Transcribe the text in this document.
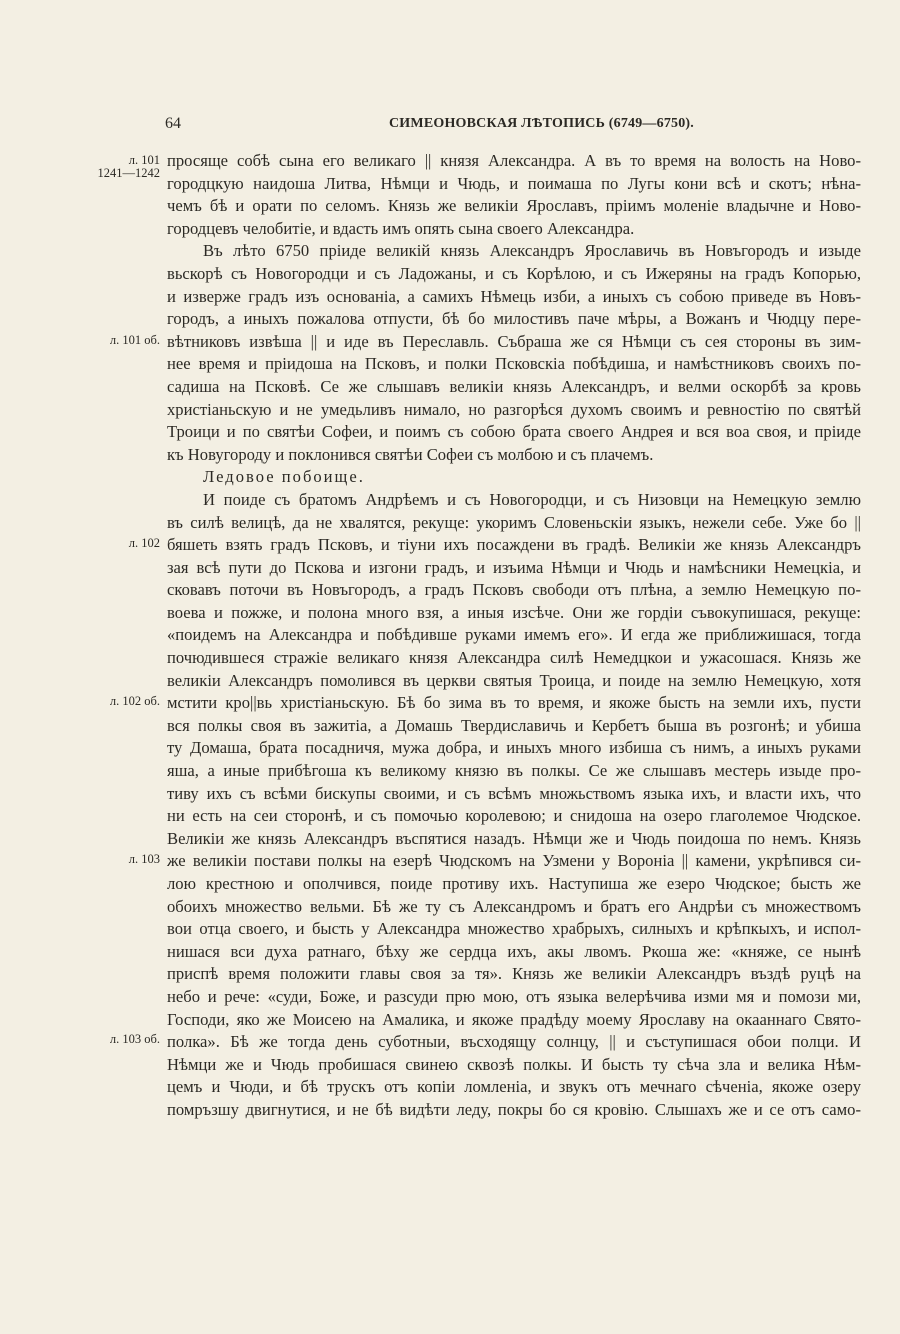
64	СИМЕОНОВСКАЯ ЛѢТОПИСЬ (6749—6750).
л. 101
1241—1242
л. 101 об.
л. 102
л. 102 об.
л. 103
л. 103 об.
просяще собѣ сына его великаго || князя Александра. А въ то время на волость на Ново-
городцкую наидоша Литва, Нѣмци и Чюдь, и поимаша по Лугы кони всѣ и скотъ; нѣна-
чемъ бѣ и орати по селомъ. Князь же великіи Ярославъ, пріимъ моленіе владычне и Ново-
городцевъ челобитіе, и вдасть имъ опять сына своего Александра.
Въ лѣто 6750 пріиде великій князь Александръ Ярославичь въ Новъгородъ и изыде
вьскорѣ съ Новогородци и съ Ладожаны, и съ Корѣлою, и съ Ижеряны на градъ Копорью,
и изверже градъ изъ основаніа, а самихъ Нѣмець изби, а иныхъ съ собою приведе въ Новъ-
городъ, а иныхъ пожалова отпусти, бѣ бо милостивъ паче мѣры, а Вожанъ и Чюдцу пере-
вѣтниковъ извѣша || и иде въ Переславль. Събраша же ся Нѣмци съ сея стороны въ зим-
нее время и пріидоша на Псковъ, и полки Псковскіа побѣдиша, и намѣстниковъ своихъ по-
садиша на Псковѣ. Се же слышавъ великіи князь Александръ, и велми оскорбѣ за кровь
христіаньскую и не умедьливъ нимало, но разгорѣся духомъ своимъ и ревностію по святѣй
Троици и по святѣи Софеи, и поимъ съ собою брата своего Андрея и вся воа своя, и пріиде
къ Новугороду и поклонився святѣи Софеи съ молбою и съ плачемъ.
Ледовое побоище.
И поиде съ братомъ Андрѣемъ и съ Новогородци, и съ Низовци на Немецкую землю
въ силѣ велицѣ, да не хвалятся, рекуще: укоримъ Словеньскіи языкъ, нежели себе. Уже бо ||
бяшеть взять градъ Псковъ, и тіуни ихъ посаждени въ градѣ. Великіи же князь Александръ
зая всѣ пути до Пскова и изгони градъ, и изъима Нѣмци и Чюдь и намѣсники Немецкіа, и
сковавъ поточи въ Новъгородъ, а градъ Псковъ свободи отъ плѣна, а землю Немецкую по-
воева и пожже, и полона много взя, а иныя изсѣче. Они же гордіи съвокупишася, рекуще:
«поидемъ на Александра и побѣдивше руками имемъ его». И егда же приближишася, тогда
почюдившеся стражіе великаго князя Александра силѣ Немедцкои и ужасошася. Князь же
великіи Александръ помолився въ церкви святыя Троица, и поиде на землю Немецкую, хотя
мстити кро||вь христіаньскую. Бѣ бо зима въ то время, и якоже бысть на земли ихъ, пусти
вся полкы своя въ зажитіа, а Домашь Твердиславичь и Кербетъ быша въ розгонѣ; и убиша
ту Домаша, брата посадничя, мужа добра, и иныхъ много избиша съ нимъ, а иныхъ руками
яша, а иные прибѣгоша къ великому князю въ полкы. Се же слышавъ местерь изыде про-
тиву ихъ съ всѣми бискупы своими, и съ всѣмъ множьствомъ языка ихъ, и власти ихъ, что
ни есть на сеи сторонѣ, и съ помочью королевою; и снидоша на озеро глаголемое Чюдское.
Великіи же князь Александръ въспятися назадъ. Нѣмци же и Чюдь поидоша по немъ. Князь
же великіи постави полкы на езерѣ Чюдскомъ на Узмени у Вороніа || камени, укрѣпився си-
лою крестною и ополчився, поиде противу ихъ. Наступиша же езеро Чюдское; бысть же
обоихъ множество вельми. Бѣ же ту съ Александромъ и братъ его Андрѣи съ множествомъ
вои отца своего, и бысть у Александра множество храбрыхъ, силныхъ и крѣпкыхъ, и испол-
нишася вси духа ратнаго, бѣху же сердца ихъ, акы лвомъ. Ркоша же: «княже, се нынѣ
приспѣ время положити главы своя за тя». Князь же великіи Александръ въздѣ руцѣ на
небо и рече: «суди, Боже, и разсуди прю мою, отъ языка велерѣчива изми мя и помози ми,
Господи, яко же Моисею на Амалика, и якоже прадѣду моему Ярославу на окааннаго Свято-
полка». Бѣ же тогда день суботныи, въсходящу солнцу, || и съступишася обои полци. И
Нѣмци же и Чюдь пробишася свинею сквозѣ полкы. И бысть ту сѣча зла и велика Нѣм-
цемъ и Чюди, и бѣ трускъ отъ копіи ломленіа, и звукъ отъ мечнаго сѣченіа, якоже озеру
помръзшу двигнутися, и не бѣ видѣти леду, покры бо ся кровію. Слышахъ же и се отъ само-
